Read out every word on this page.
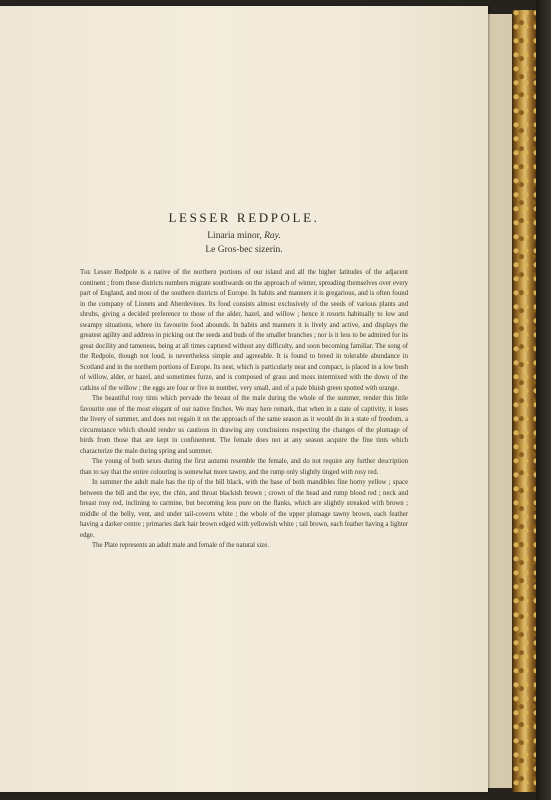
LESSER REDPOLE.
Linaria minor, Ray.
Le Gros-bec sizerin.

The Lesser Redpole is a native of the northern portions of our island and all the higher latitudes of the adjacent continent ; from these districts numbers migrate southwards on the approach of winter, spreading themselves over every part of England, and most of the southern districts of Europe. In habits and manners it is gregarious, and is often found in the company of Linnets and Aberdevines. Its food consists almost exclusively of the seeds of various plants and shrubs, giving a decided preference to those of the alder, hazel, and willow ; hence it resorts habitually to low and swampy situations, where its favourite food abounds. In habits and manners it is lively and active, and displays the greatest agility and address in picking out the seeds and buds of the smaller branches ; nor is it less to be admired for its great docility and tameness, being at all times captured without any difficulty, and soon becoming familiar. The song of the Redpole, though not loud, is nevertheless simple and agreeable. It is found to breed in tolerable abundance in Scotland and in the northern portions of Europe. Its nest, which is particularly neat and compact, is placed in a low bush of willow, alder, or hazel, and sometimes furze, and is composed of grass and moss intermixed with the down of the catkins of the willow ; the eggs are four or five in number, very small, and of a pale bluish green spotted with orange.

The beautiful rosy tints which pervade the breast of the male during the whole of the summer, render this little favourite one of the most elegant of our native finches. We may here remark, that when in a state of captivity, it loses the livery of summer, and does not regain it on the approach of the same season as it would do in a state of freedom, a circumstance which should render us cautious in drawing any conclusions respecting the changes of the plumage of birds from those that are kept in confinement. The female does not at any season acquire the fine tints which characterize the male during spring and summer.

The young of both sexes during the first autumn resemble the female, and do not require any further description than to say that the entire colouring is somewhat more tawny, and the rump only slightly tinged with rosy red.

In summer the adult male has the tip of the bill black, with the base of both mandibles fine horny yellow ; space between the bill and the eye, the chin, and throat blackish brown ; crown of the head and rump blood red ; neck and breast rosy red, inclining to carmine, but becoming less pure on the flanks, which are slightly streaked with brown ; middle of the belly, vent, and under tail-coverts white ; the whole of the upper plumage tawny brown, each feather having a darker centre ; primaries dark hair brown edged with yellowish white ; tail brown, each feather having a lighter edge.

The Plate represents an adult male and female of the natural size.
